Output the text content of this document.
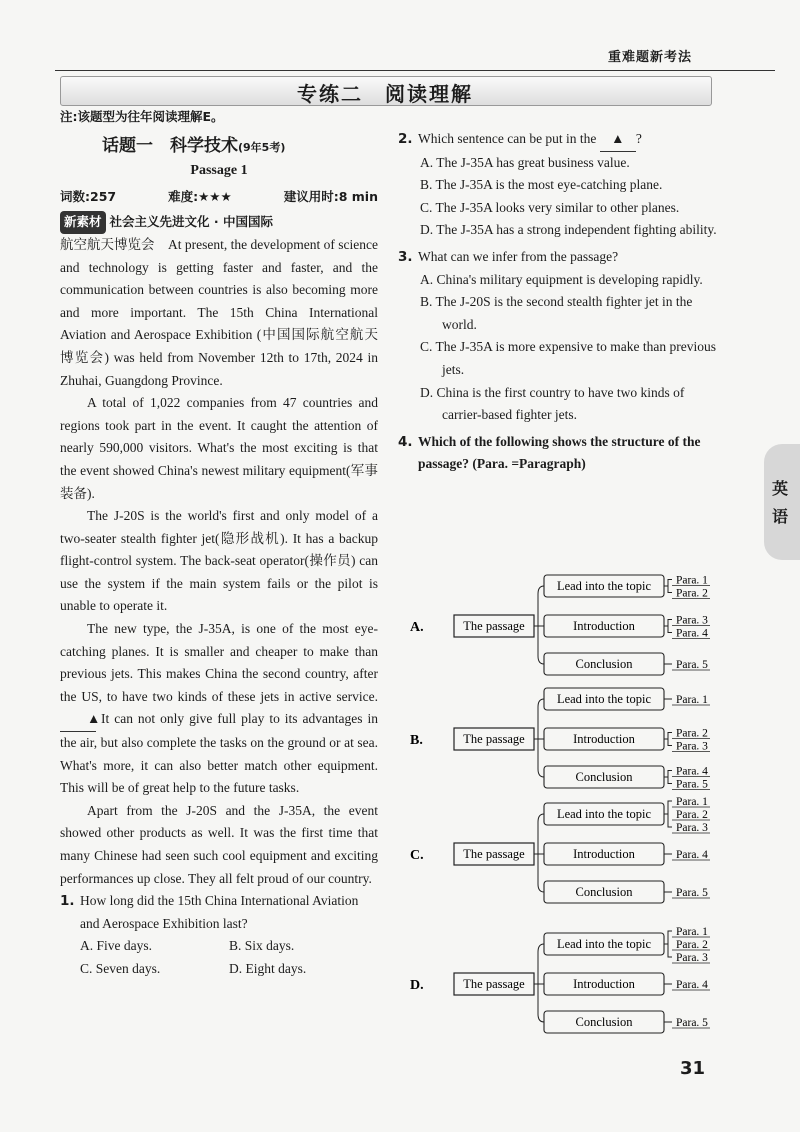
重难题新考法
专练二　阅读理解
注:该题型为往年阅读理解E。
话题一　科学技术(9年5考)
Passage 1
词数:257	难度:★★★	建议用时:8 min
新素材 社会主义先进文化 · 中国国际

航空航天博览会　At present, the development of science and technology is getting faster and faster, and the communication between countries is also becoming more and more important. The 15th China International Aviation and Aerospace Exhibition (中国国际航空航天博览会) was held from November 12th to 17th, 2024 in Zhuhai, Guangdong Province.

A total of 1,022 companies from 47 countries and regions took part in the event. It caught the attention of nearly 590,000 visitors. What's the most exciting is that the event showed China's newest military equipment(军事装备).

The J-20S is the world's first and only model of a two-seater stealth fighter jet(隐形战机). It has a backup flight-control system. The back-seat operator(操作员) can use the system if the main system fails or the pilot is unable to operate it.

The new type, the J-35A, is one of the most eye-catching planes. It is smaller and cheaper to make than previous jets. This makes China the second country, after the US, to have two kinds of these jets in active service. ▲ It can not only give full play to its advantages in the air, but also complete the tasks on the ground or at sea. What's more, it can also better match other equipment. This will be of great help to the future tasks.

Apart from the J-20S and the J-35A, the event showed other products as well. It was the first time that many Chinese had seen such cool equipment and exciting performances up close. They all felt proud of our country.

1. How long did the 15th China International Aviation and Aerospace Exhibition last?
A. Five days.	B. Six days.
C. Seven days.	D. Eight days.
2. Which sentence can be put in the ▲ ?
A. The J-35A has great business value.
B. The J-35A is the most eye-catching plane.
C. The J-35A looks very similar to other planes.
D. The J-35A has a strong independent fighting ability.
3. What can we infer from the passage?
A. China's military equipment is developing rapidly.
B. The J-20S is the second stealth fighter jet in the world.
C. The J-35A is more expensive to make than previous jets.
D. China is the first country to have two kinds of carrier-based fighter jets.
4. Which of the following shows the structure of the passage? (Para. =Paragraph)
A.	The passage
Lead into the topic Para. 1
Para. 2
Introduction	Para. 3
Para. 4
Conclusion	Para. 5
B.	The passage
Lead into the topic Para. 1
Introduction	Para. 2
Para. 3
Conclusion	Para. 4
Para. 5
C.	The passage
Lead into the topic
Para. 1
Para. 2
Para. 3
Introduction	Para. 4
Conclusion	Para. 5
D.	The passage
Lead into the topic
Para. 1
Para. 2
Para. 3
Introduction	Para. 4
Conclusion	Para. 5
英语
31
